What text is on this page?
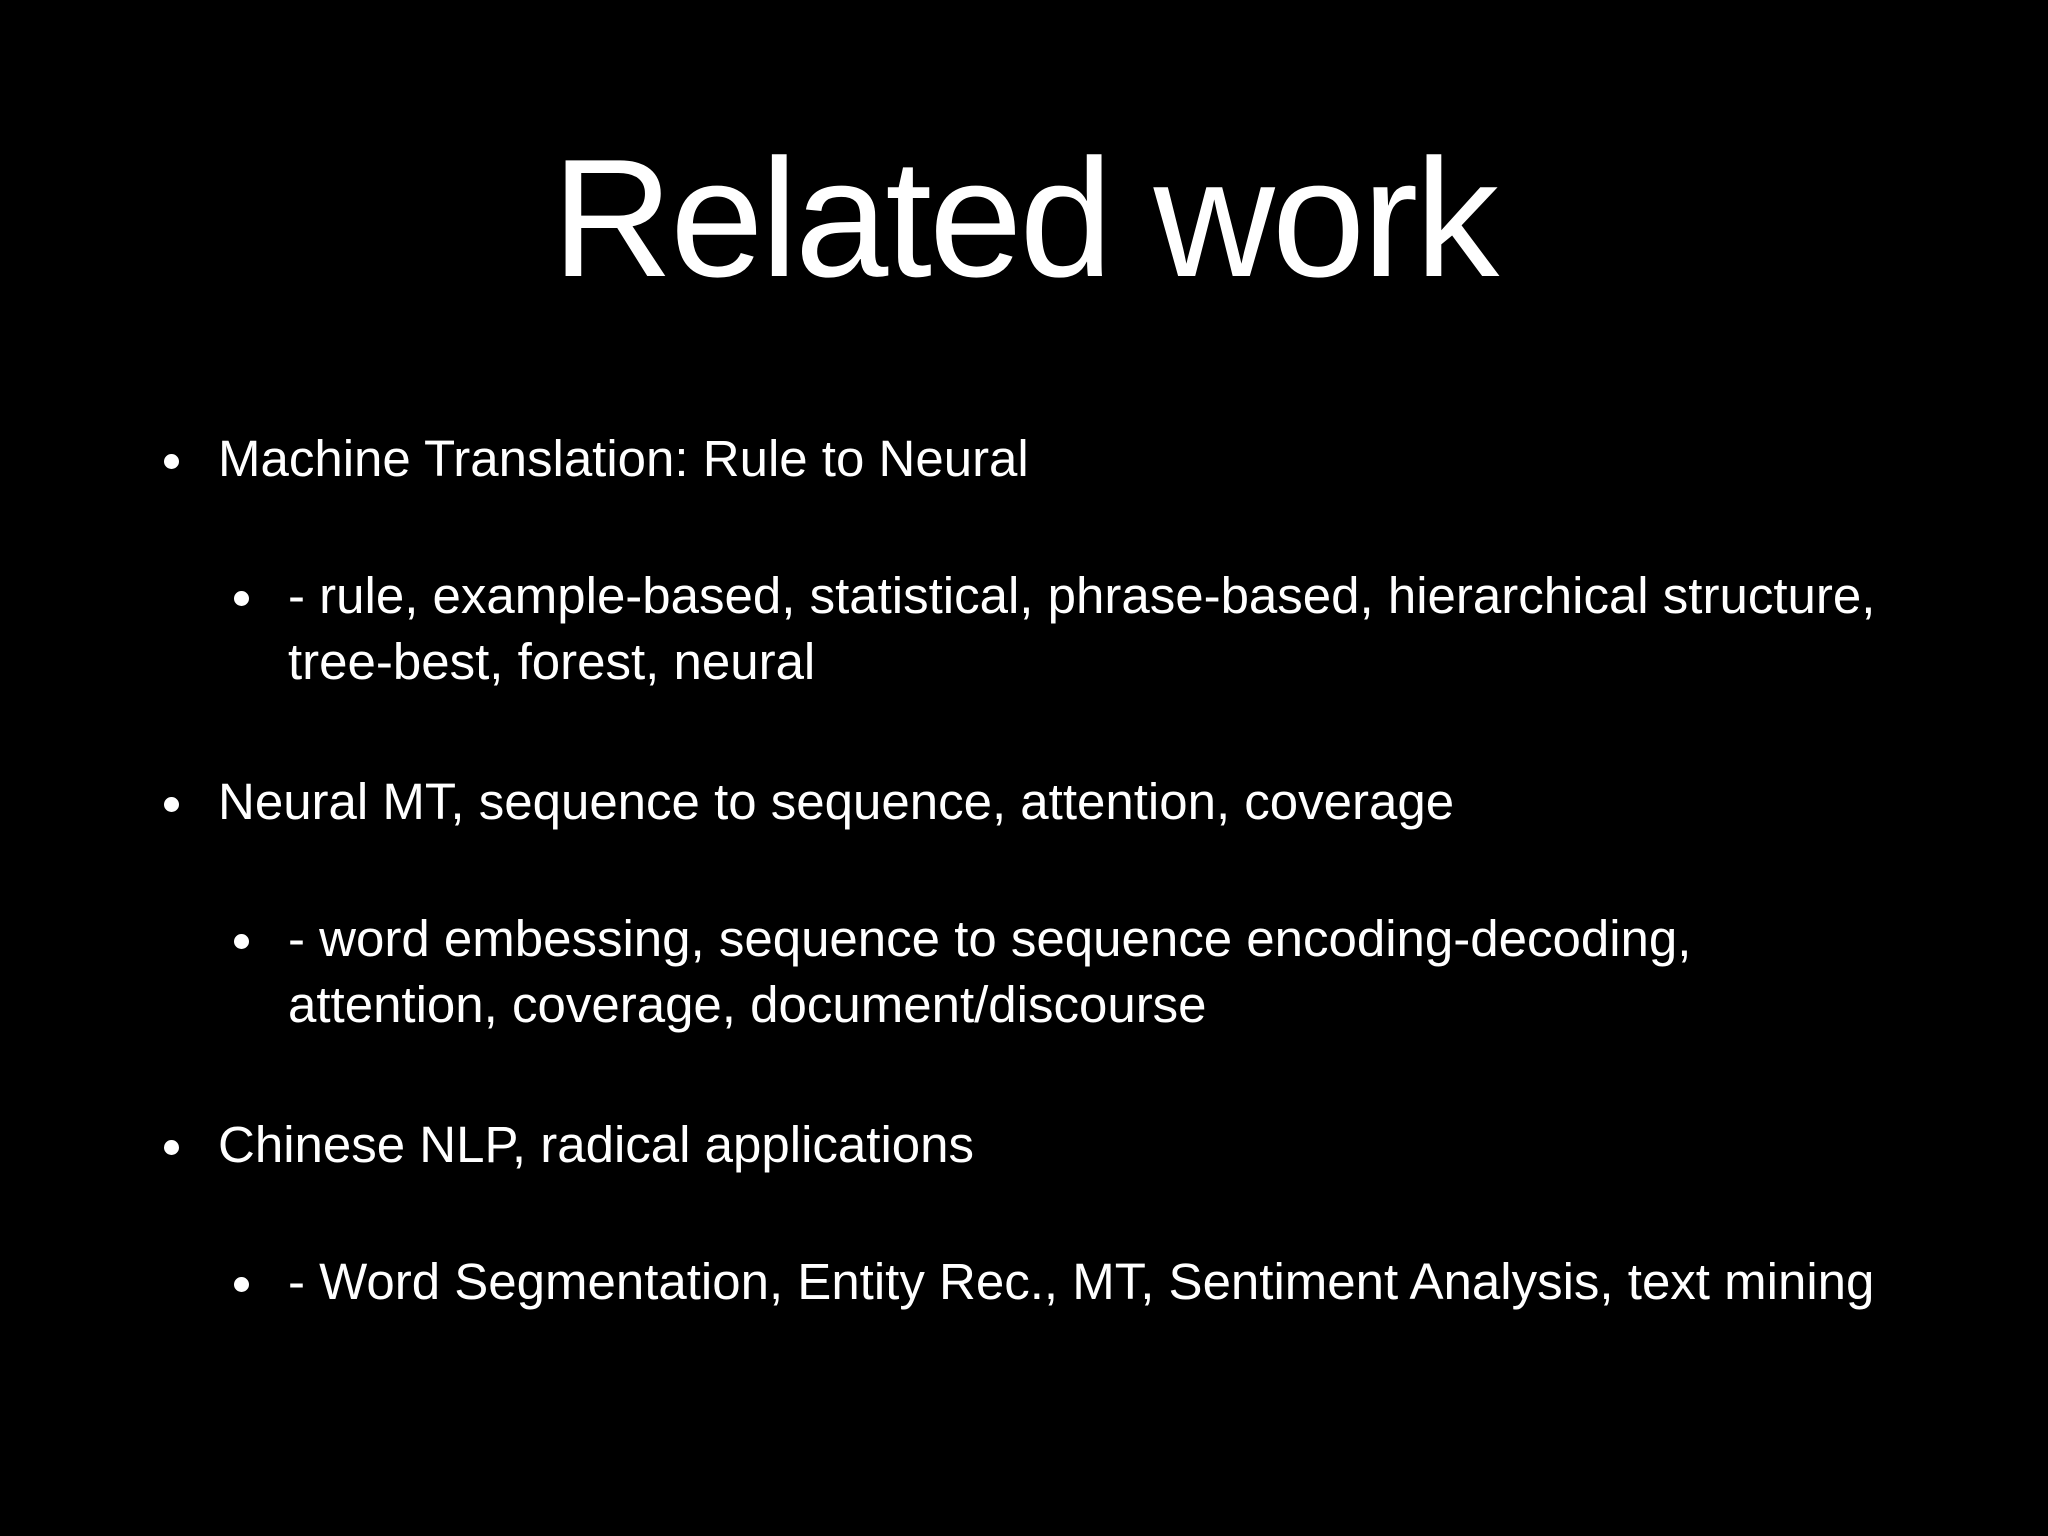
Related work

Machine Translation: Rule to Neural

- rule, example-based, statistical, phrase-based, hierarchical structure, tree-best, forest, neural

Neural MT, sequence to sequence, attention, coverage

- word embessing, sequence to sequence encoding-decoding, attention, coverage, document/discourse

Chinese NLP, radical applications

- Word Segmentation, Entity Rec., MT, Sentiment Analysis, text mining
